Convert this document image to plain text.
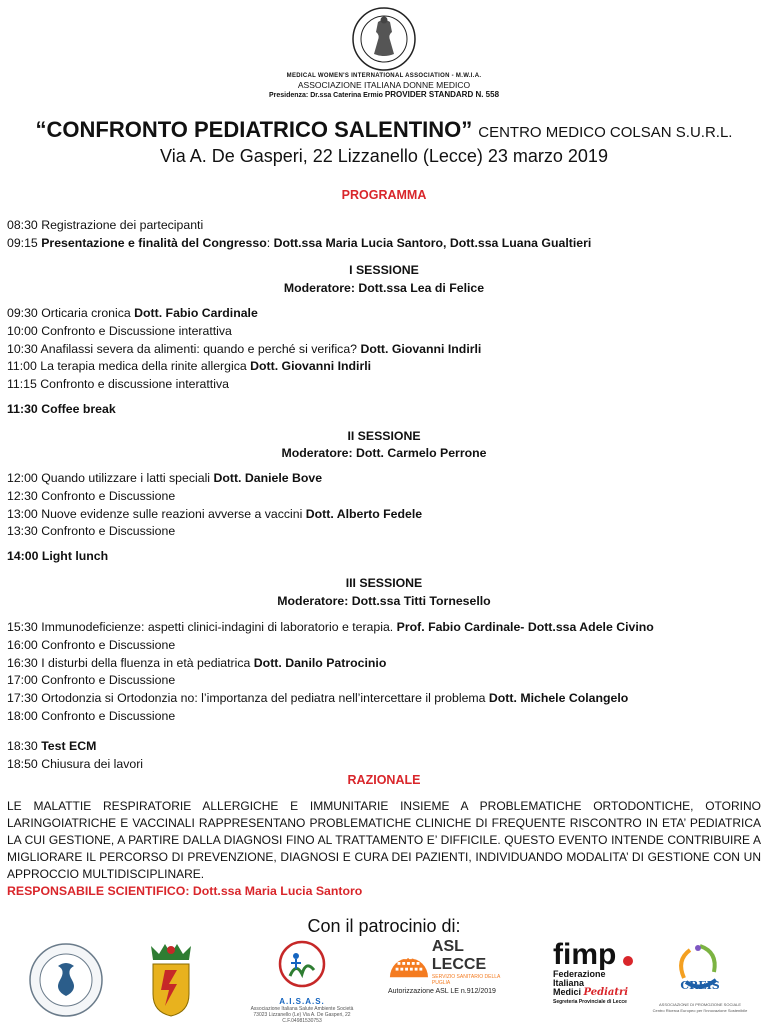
MEDICAL WOMEN'S INTERNATIONAL ASSOCIATION - M.W.I.A.
ASSOCIAZIONE ITALIANA DONNE MEDICO
Presidenza: Dr.ssa Caterina Ermio PROVIDER STANDARD N. 558
“CONFRONTO PEDIATRICO SALENTINO” CENTRO MEDICO COLSAN S.U.R.L.
Via A. De Gasperi, 22 Lizzanello (Lecce) 23 marzo 2019
PROGRAMMA
08:30 Registrazione dei partecipanti
09:15 Presentazione e finalità del Congresso: Dott.ssa Maria Lucia Santoro, Dott.ssa Luana Gualtieri
I SESSIONE
Moderatore: Dott.ssa Lea di Felice
09:30 Orticaria cronica Dott. Fabio Cardinale
10:00 Confronto e Discussione interattiva
10:30 Anafilassi severa da alimenti: quando e perché si verifica? Dott. Giovanni Indirli
11:00 La terapia medica della rinite allergica Dott. Giovanni Indirli
11:15 Confronto e discussione interattiva
11:30 Coffee break
II SESSIONE
Moderatore: Dott. Carmelo Perrone
12:00 Quando utilizzare i latti speciali Dott. Daniele Bove
12:30 Confronto e Discussione
13:00 Nuove evidenze sulle reazioni avverse a vaccini Dott. Alberto Fedele
13:30 Confronto e Discussione
14:00 Light lunch
III SESSIONE
Moderatore: Dott.ssa Titti Tornesello
15:30 Immunodeficienze: aspetti clinici-indagini di laboratorio e terapia. Prof. Fabio Cardinale- Dott.ssa Adele Civino
16:00 Confronto e Discussione
16:30 I disturbi della fluenza in età pediatrica Dott. Danilo Patrocinio
17:00 Confronto e Discussione
17:30 Ortodonzia si Ortodonzia no: l’importanza del pediatra nell’intercettare il problema Dott. Michele Colangelo
18:00 Confronto e Discussione
18:30 Test ECM
18:50 Chiusura dei lavori
RAZIONALE
LE MALATTIE RESPIRATORIE ALLERGICHE E IMMUNITARIE INSIEME A PROBLEMATICHE ORTODONTICHE, OTORINO LARINGOIATRICHE E VACCINALI RAPPRESENTANO PROBLEMATICHE CLINICHE DI FREQUENTE RISCONTRO IN ETA’ PEDIATRICA LA CUI GESTIONE, A PARTIRE DALLA DIAGNOSI FINO AL TRATTAMENTO E’ DIFFICILE. QUESTO EVENTO INTENDE CONTRIBUIRE A MIGLIORARE IL PERCORSO DI PREVENZIONE, DIAGNOSI E CURA DEI PAZIENTI, INDIVIDUANDO MODALITA’ DI GESTIONE CON UN APPROCCIO MULTIDISCIPLINARE.
RESPONSABILE SCIENTIFICO: Dott.ssa Maria Lucia Santoro
Con il patrocinio di:
A.I.S.A.S.
Associazione Italiana Salute Ambiente Società
73023 Lizzanello (Le) Via A. De Gasperi, 22
C.F.04981530753
ASL LECCE
SERVIZIO SANITARIO DELLA PUGLIA
Autorizzazione ASL LE n.912/2019
fimp
Federazione
Italiana
Medici Pediatri
Segreteria Provinciale di Lecce
CREIS
ASSOCIAZIONE DI PROMOZIONE SOCIALE
Centro Ricerca Europeo per l'Innovazione Sostenibile
